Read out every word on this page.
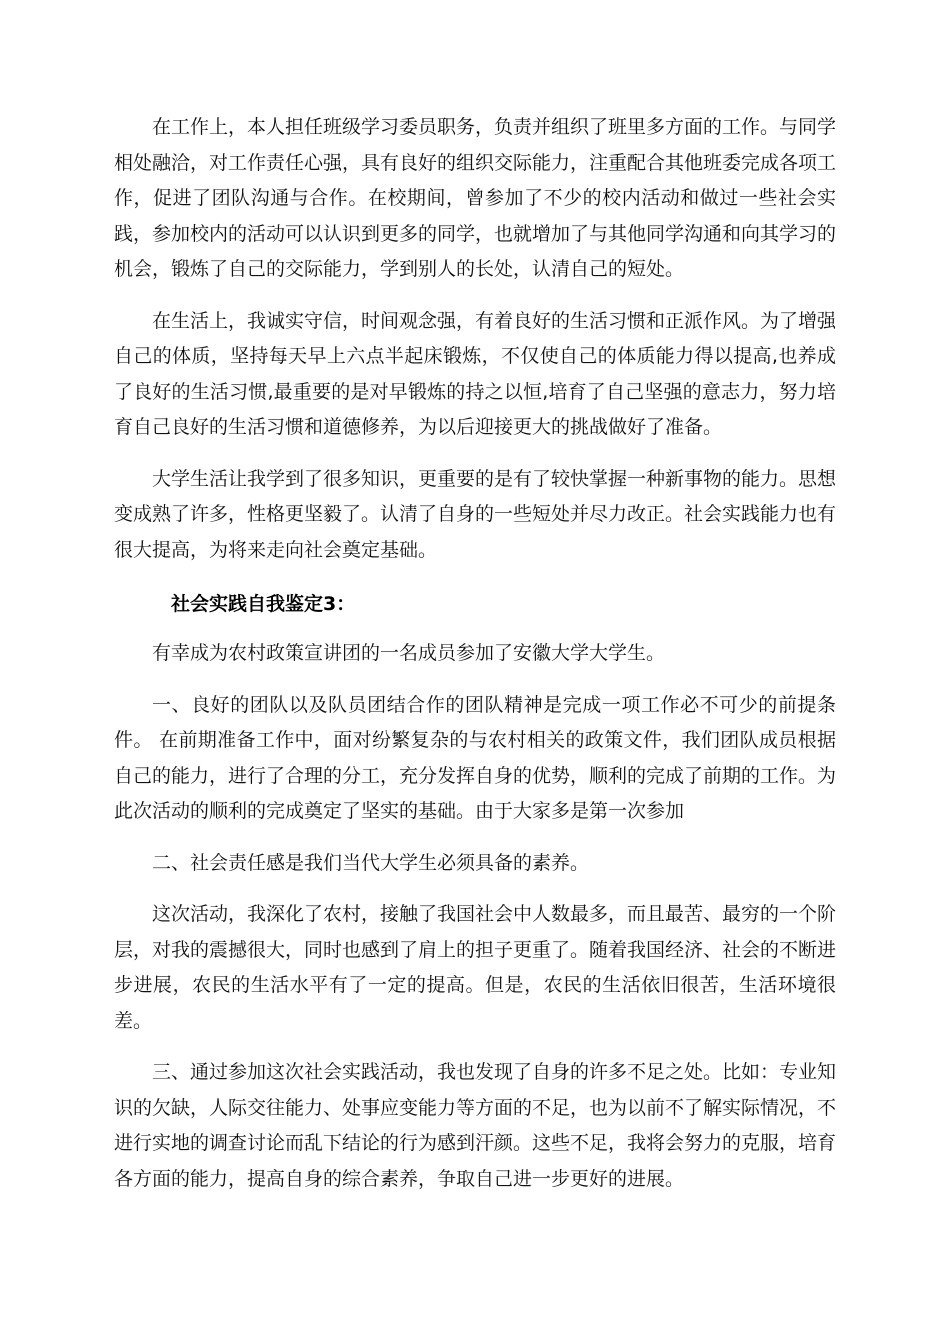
在工作上，本人担任班级学习委员职务，负责并组织了班里多方面的工作。与同学相处融洽，对工作责任心强，具有良好的组织交际能力，注重配合其他班委完成各项工作，促进了团队沟通与合作。在校期间，曾参加了不少的校内活动和做过一些社会实践，参加校内的活动可以认识到更多的同学，也就增加了与其他同学沟通和向其学习的机会，锻炼了自己的交际能力，学到别人的长处，认清自己的短处。

在生活上，我诚实守信，时间观念强，有着良好的生活习惯和正派作风。为了增强自己的体质，坚持每天早上六点半起床锻炼，不仅使自己的体质能力得以提高,也养成了良好的生活习惯,最重要的是对早锻炼的持之以恒,培育了自己坚强的意志力，努力培育自己良好的生活习惯和道德修养，为以后迎接更大的挑战做好了准备。

大学生活让我学到了很多知识，更重要的是有了较快掌握一种新事物的能力。思想变成熟了许多，性格更坚毅了。认清了自身的一些短处并尽力改正。社会实践能力也有很大提高，为将来走向社会奠定基础。

社会实践自我鉴定3：

有幸成为农村政策宣讲团的一名成员参加了安徽大学大学生。

一、良好的团队以及队员团结合作的团队精神是完成一项工作必不可少的前提条件。 在前期准备工作中，面对纷繁复杂的与农村相关的政策文件，我们团队成员根据自己的能力，进行了合理的分工，充分发挥自身的优势，顺利的完成了前期的工作。为此次活动的顺利的完成奠定了坚实的基础。由于大家多是第一次参加

二、社会责任感是我们当代大学生必须具备的素养。

这次活动，我深化了农村，接触了我国社会中人数最多，而且最苦、最穷的一个阶层，对我的震撼很大，同时也感到了肩上的担子更重了。随着我国经济、社会的不断进步进展，农民的生活水平有了一定的提高。但是，农民的生活依旧很苦，生活环境很差。

三、通过参加这次社会实践活动，我也发现了自身的许多不足之处。比如：专业知识的欠缺，人际交往能力、处事应变能力等方面的不足，也为以前不了解实际情况，不进行实地的调查讨论而乱下结论的行为感到汗颜。这些不足，我将会努力的克服，培育各方面的能力，提高自身的综合素养，争取自己进一步更好的进展。
